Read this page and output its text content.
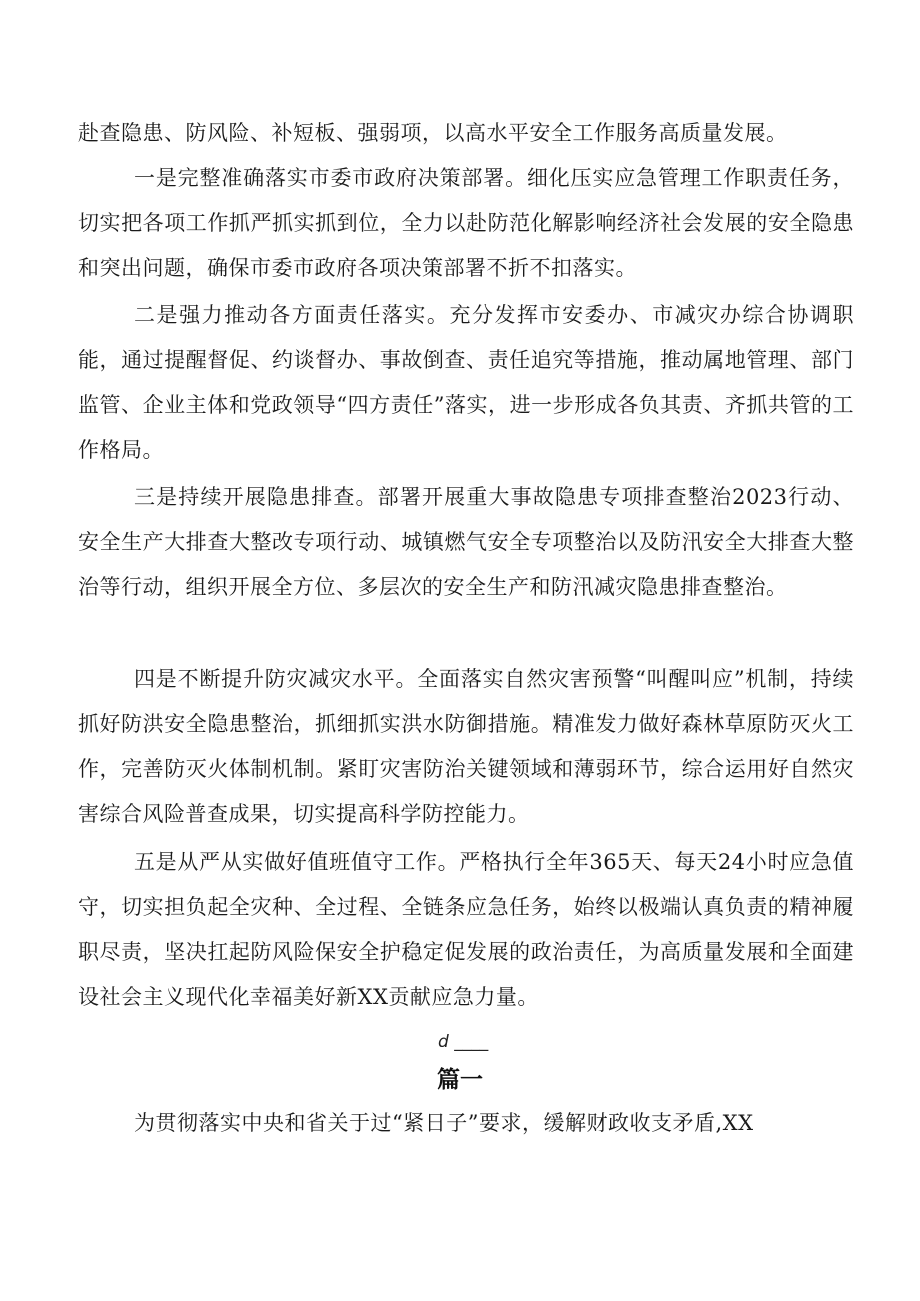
赴查隐患、防风险、补短板、强弱项，以高水平安全工作服务高质量发展。

一是完整准确落实市委市政府决策部署。细化压实应急管理工作职责任务，切实把各项工作抓严抓实抓到位，全力以赴防范化解影响经济社会发展的安全隐患和突出问题，确保市委市政府各项决策部署不折不扣落实。

二是强力推动各方面责任落实。充分发挥市安委办、市减灾办综合协调职能，通过提醒督促、约谈督办、事故倒查、责任追究等措施，推动属地管理、部门监管、企业主体和党政领导“四方责任”落实，进一步形成各负其责、齐抓共管的工作格局。

三是持续开展隐患排查。部署开展重大事故隐患专项排查整治2023行动、安全生产大排查大整改专项行动、城镇燃气安全专项整治以及防汛安全大排查大整治等行动，组织开展全方位、多层次的安全生产和防汛减灾隐患排查整治。

四是不断提升防灾减灾水平。全面落实自然灾害预警“叫醒叫应”机制，持续抓好防洪安全隐患整治，抓细抓实洪水防御措施。精准发力做好森林草原防灭火工作，完善防灭火体制机制。紧盯灾害防治关键领域和薄弱环节，综合运用好自然灾害综合风险普查成果，切实提高科学防控能力。

五是从严从实做好值班值守工作。严格执行全年365天、每天24小时应急值守，切实担负起全灾种、全过程、全链条应急任务，始终以极端认真负责的精神履职尽责，坚决扛起防风险保安全护稳定促发展的政治责任，为高质量发展和全面建设社会主义现代化幸福美好新XX贡献应急力量。

d ____
篇一

为贯彻落实中央和省关于过“紧日子”要求，缓解财政收支矛盾,XX
